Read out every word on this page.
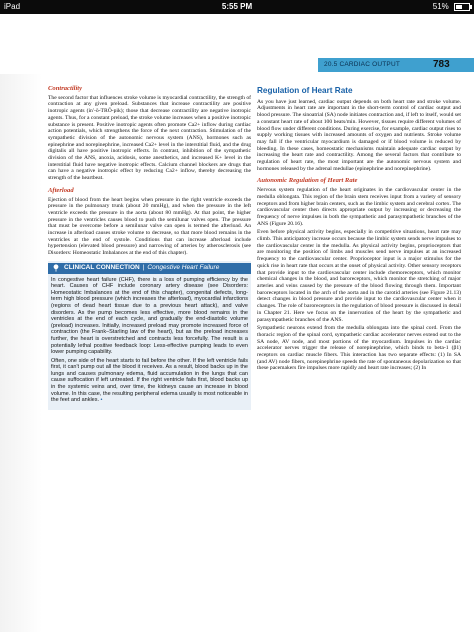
iPad	5:55 PM	51%
20.5 CARDIAC OUTPUT	783
Contractility

The second factor that influences stroke volume is myocardial contractility, the strength of contraction at any given preload. Substances that increase contractility are positive inotropic agents (in′-ō-TRŌ-pik); those that decrease contractility are negative inotropic agents. Thus, for a constant preload, the stroke volume increases when a positive inotropic substance is present. Positive inotropic agents often promote Ca2+ inflow during cardiac action potentials, which strengthens the force of the next contraction. Stimulation of the sympathetic division of the autonomic nervous system (ANS), hormones such as epinephrine and norepinephrine, increased Ca2+ level in the interstitial fluid, and the drug digitalis all have positive inotropic effects. In contrast, inhibition of the sympathetic division of the ANS, anoxia, acidosis, some anesthetics, and increased K+ level in the interstitial fluid have negative inotropic effects. Calcium channel blockers are drugs that can have a negative inotropic effect by reducing Ca2+ inflow, thereby decreasing the strength of the heartbeat.

Afterload

Ejection of blood from the heart begins when pressure in the right ventricle exceeds the pressure in the pulmonary trunk (about 20 mmHg), and when the pressure in the left ventricle exceeds the pressure in the aorta (about 80 mmHg). At that point, the higher pressure in the ventricles causes blood to push the semilunar valves open. The pressure that must be overcome before a semilunar valve can open is termed the afterload. An increase in afterload causes stroke volume to decrease, so that more blood remains in the ventricles at the end of systole. Conditions that can increase afterload include hypertension (elevated blood pressure) and narrowing of arteries by atherosclerosis (see Disorders: Homeostatic Imbalances at the end of this chapter).

CLINICAL CONNECTION | Congestive Heart Failure

In congestive heart failure (CHF), there is a loss of pumping efficiency by the heart. Causes of CHF include coronary artery disease (see Disorders: Homeostatic Imbalances at the end of this chapter), congenital defects, long-term high blood pressure (which increases the afterload), myocardial infarctions (regions of dead heart tissue due to a previous heart attack), and valve disorders. As the pump becomes less effective, more blood remains in the ventricles at the end of each cycle, and gradually the end-diastolic volume (preload) increases. Initially, increased preload may promote increased force of contraction (the Frank–Starling law of the heart), but as the preload increases further, the heart is overstretched and contracts less forcefully. The result is a potentially lethal positive feedback loop: Less-effective pumping leads to even lower pumping capability.

Often, one side of the heart starts to fail before the other. If the left ventricle fails first, it can't pump out all the blood it receives. As a result, blood backs up in the lungs and causes pulmonary edema, fluid accumulation in the lungs that can cause suffocation if left untreated. If the right ventricle fails first, blood backs up in the systemic veins and, over time, the kidneys cause an increase in blood volume. In this case, the resulting peripheral edema usually is most noticeable in the feet and ankles. •

Regulation of Heart Rate

As you have just learned, cardiac output depends on both heart rate and stroke volume. Adjustments in heart rate are important in the short-term control of cardiac output and blood pressure. The sinoatrial (SA) node initiates contraction and, if left to itself, would set a constant heart rate of about 100 beats/min. However, tissues require different volumes of blood flow under different conditions. During exercise, for example, cardiac output rises to supply working tissues with increased amounts of oxygen and nutrients. Stroke volume may fall if the ventricular myocardium is damaged or if blood volume is reduced by bleeding. In these cases, homeostatic mechanisms maintain adequate cardiac output by increasing the heart rate and contractility. Among the several factors that contribute to regulation of heart rate, the most important are the autonomic nervous system and hormones released by the adrenal medullae (epinephrine and norepinephrine).

Autonomic Regulation of Heart Rate

Nervous system regulation of the heart originates in the cardiovascular center in the medulla oblongata. This region of the brain stem receives input from a variety of sensory receptors and from higher brain centers, such as the limbic system and cerebral cortex. The cardiovascular center then directs appropriate output by increasing or decreasing the frequency of nerve impulses in both the sympathetic and parasympathetic branches of the ANS (Figure 20.16).

Even before physical activity begins, especially in competitive situations, heart rate may climb. This anticipatory increase occurs because the limbic system sends nerve impulses to the cardiovascular center in the medulla. As physical activity begins, proprioceptors that are monitoring the position of limbs and muscles send nerve impulses at an increased frequency to the cardiovascular center. Proprioceptor input is a major stimulus for the quick rise in heart rate that occurs at the onset of physical activity. Other sensory receptors that provide input to the cardiovascular center include chemoreceptors, which monitor chemical changes in the blood, and baroreceptors, which monitor the stretching of major arteries and veins caused by the pressure of the blood flowing through them. Important baroreceptors located in the arch of the aorta and in the carotid arteries (see Figure 21.13) detect changes in blood pressure and provide input to the cardiovascular center when it changes. The role of baroreceptors in the regulation of blood pressure is discussed in detail in Chapter 21. Here we focus on the innervation of the heart by the sympathetic and parasympathetic branches of the ANS.

Sympathetic neurons extend from the medulla oblongata into the spinal cord. From the thoracic region of the spinal cord, sympathetic cardiac accelerator nerves extend out to the SA node, AV node, and most portions of the myocardium. Impulses in the cardiac accelerator nerves trigger the release of norepinephrine, which binds to beta-1 (β1) receptors on cardiac muscle fibers. This interaction has two separate effects: (1) In SA (and AV) node fibers, norepinephrine speeds the rate of spontaneous depolarization so that these pacemakers fire impulses more rapidly and heart rate increases; (2) In
